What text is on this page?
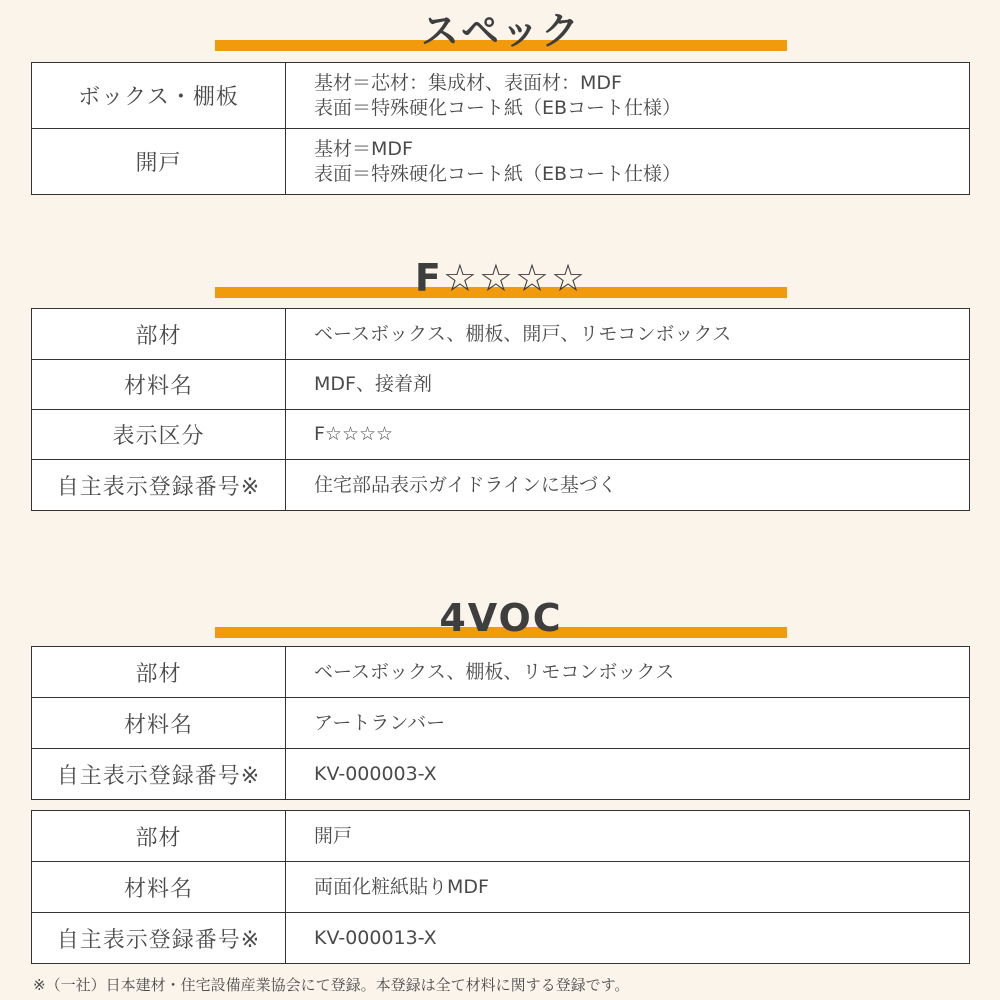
スペック
ボックス・棚板	基材＝芯材：集成材、表面材：MDF
表面＝特殊硬化コート紙（EBコート仕様）

開戸	基材＝MDF
表面＝特殊硬化コート紙（EBコート仕様）
F☆☆☆☆
部材	ベースボックス、棚板、開戸、リモコンボックス
材料名	MDF、接着剤
表示区分	F☆☆☆☆
自主表示登録番号※	住宅部品表示ガイドラインに基づく
4VOC
部材	ベースボックス、棚板、リモコンボックス
材料名	アートランバー
自主表示登録番号※	KV-000003-X
部材	開戸
材料名	両面化粧紙貼りMDF
自主表示登録番号※	KV-000013-X
※（一社）日本建材・住宅設備産業協会にて登録。本登録は全て材料に関する登録です。
